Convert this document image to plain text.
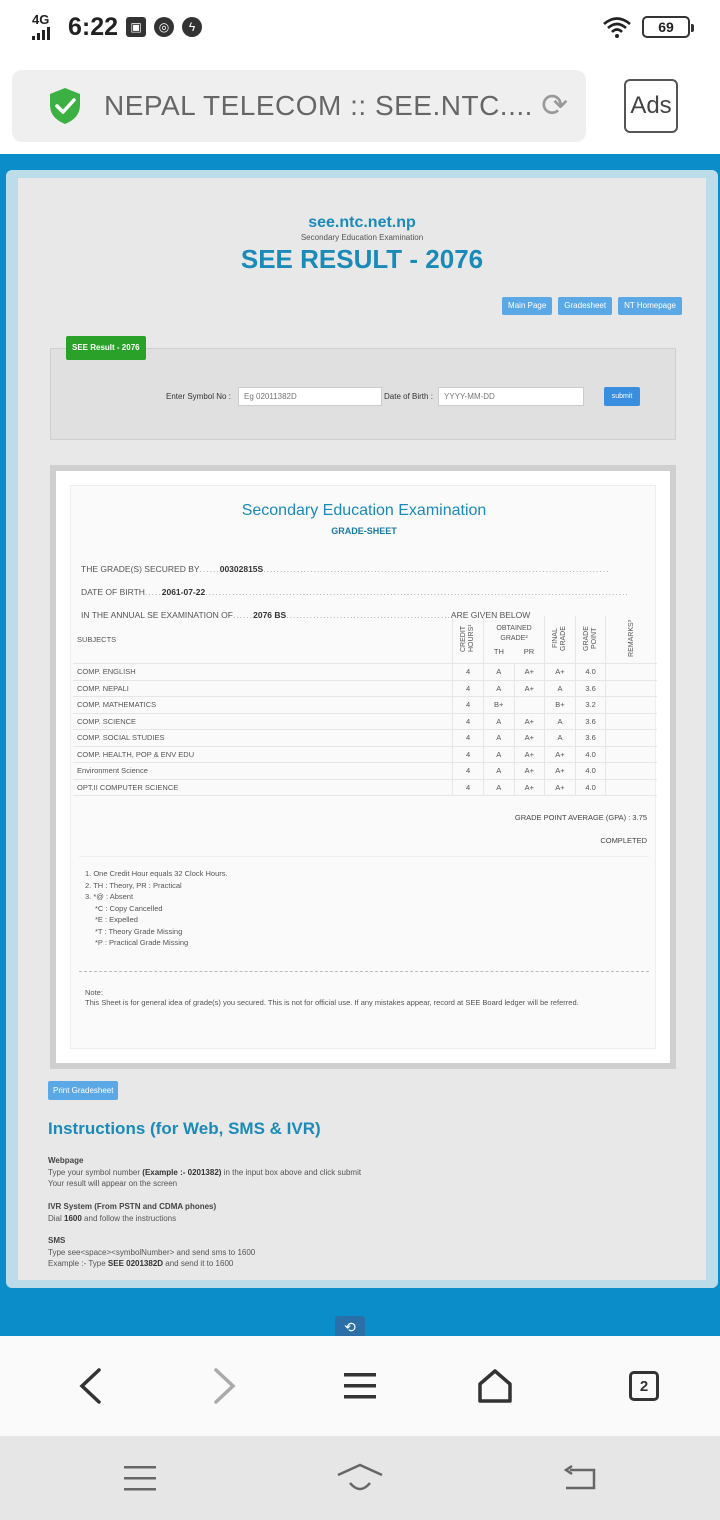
4G 6:22	▣	◎	ϟ	69
NEPAL TELECOM :: SEE.NTC.... ⟳	Ads
see.ntc.net.np
Secondary Education Examination
SEE RESULT - 2076
Main Page	Gradesheet	NT Homepage
SEE Result - 2076
Enter Symbol No :	Eg 02011382D	Date of Birth :	YYYY-MM-DD	submit
Secondary Education Examination
GRADE-SHEET
THE GRADE(S) SECURED BY......00302815S.......................................................................................................
DATE OF BIRTH.....2061-07-22..............................................................................................................................
IN THE ANNUAL SE EXAMINATION OF......2076 BS.................................................ARE GIVEN BELOW
SUBJECTS	CREDIT HOURS¹	OBTAINED GRADE²
TH PR		FINAL GRADE	GRADE POINT	REMARKS³
COMP. ENGLISH	4	A	A+	A+	4.0	
COMP. NEPALI	4	A	A+	A	3.6	
COMP. MATHEMATICS	4	B+		B+	3.2	
COMP. SCIENCE	4	A	A+	A	3.6	
COMP. SOCIAL STUDIES	4	A	A+	A	3.6	
COMP. HEALTH, POP & ENV EDU	4	A	A+	A+	4.0	
Environment Science	4	A	A+	A+	4.0	
OPT.II COMPUTER SCIENCE	4	A	A+	A+	4.0	
GRADE POINT AVERAGE (GPA) : 3.75
COMPLETED
1. One Credit Hour equals 32 Clock Hours.
2. TH : Theory, PR : Practical
3. *@ : Absent
*C : Copy Cancelled
*E : Expelled
*T : Theory Grade Missing
*P : Practical Grade Missing
Note:
This Sheet is for general idea of grade(s) you secured. This is not for official use. If any mistakes appear, record at SEE Board ledger will be referred.
Print Gradesheet
Instructions (for Web, SMS & IVR)
Webpage
Type your symbol number (Example :- 0201382) in the input box above and click submit
Your result will appear on the screen
IVR System (From PSTN and CDMA phones)
Dial 1600 and follow the instructions
SMS
Type see<space><symbolNumber> and send sms to 1600
Example :- Type SEE 0201382D and send it to 1600
⟲
2
